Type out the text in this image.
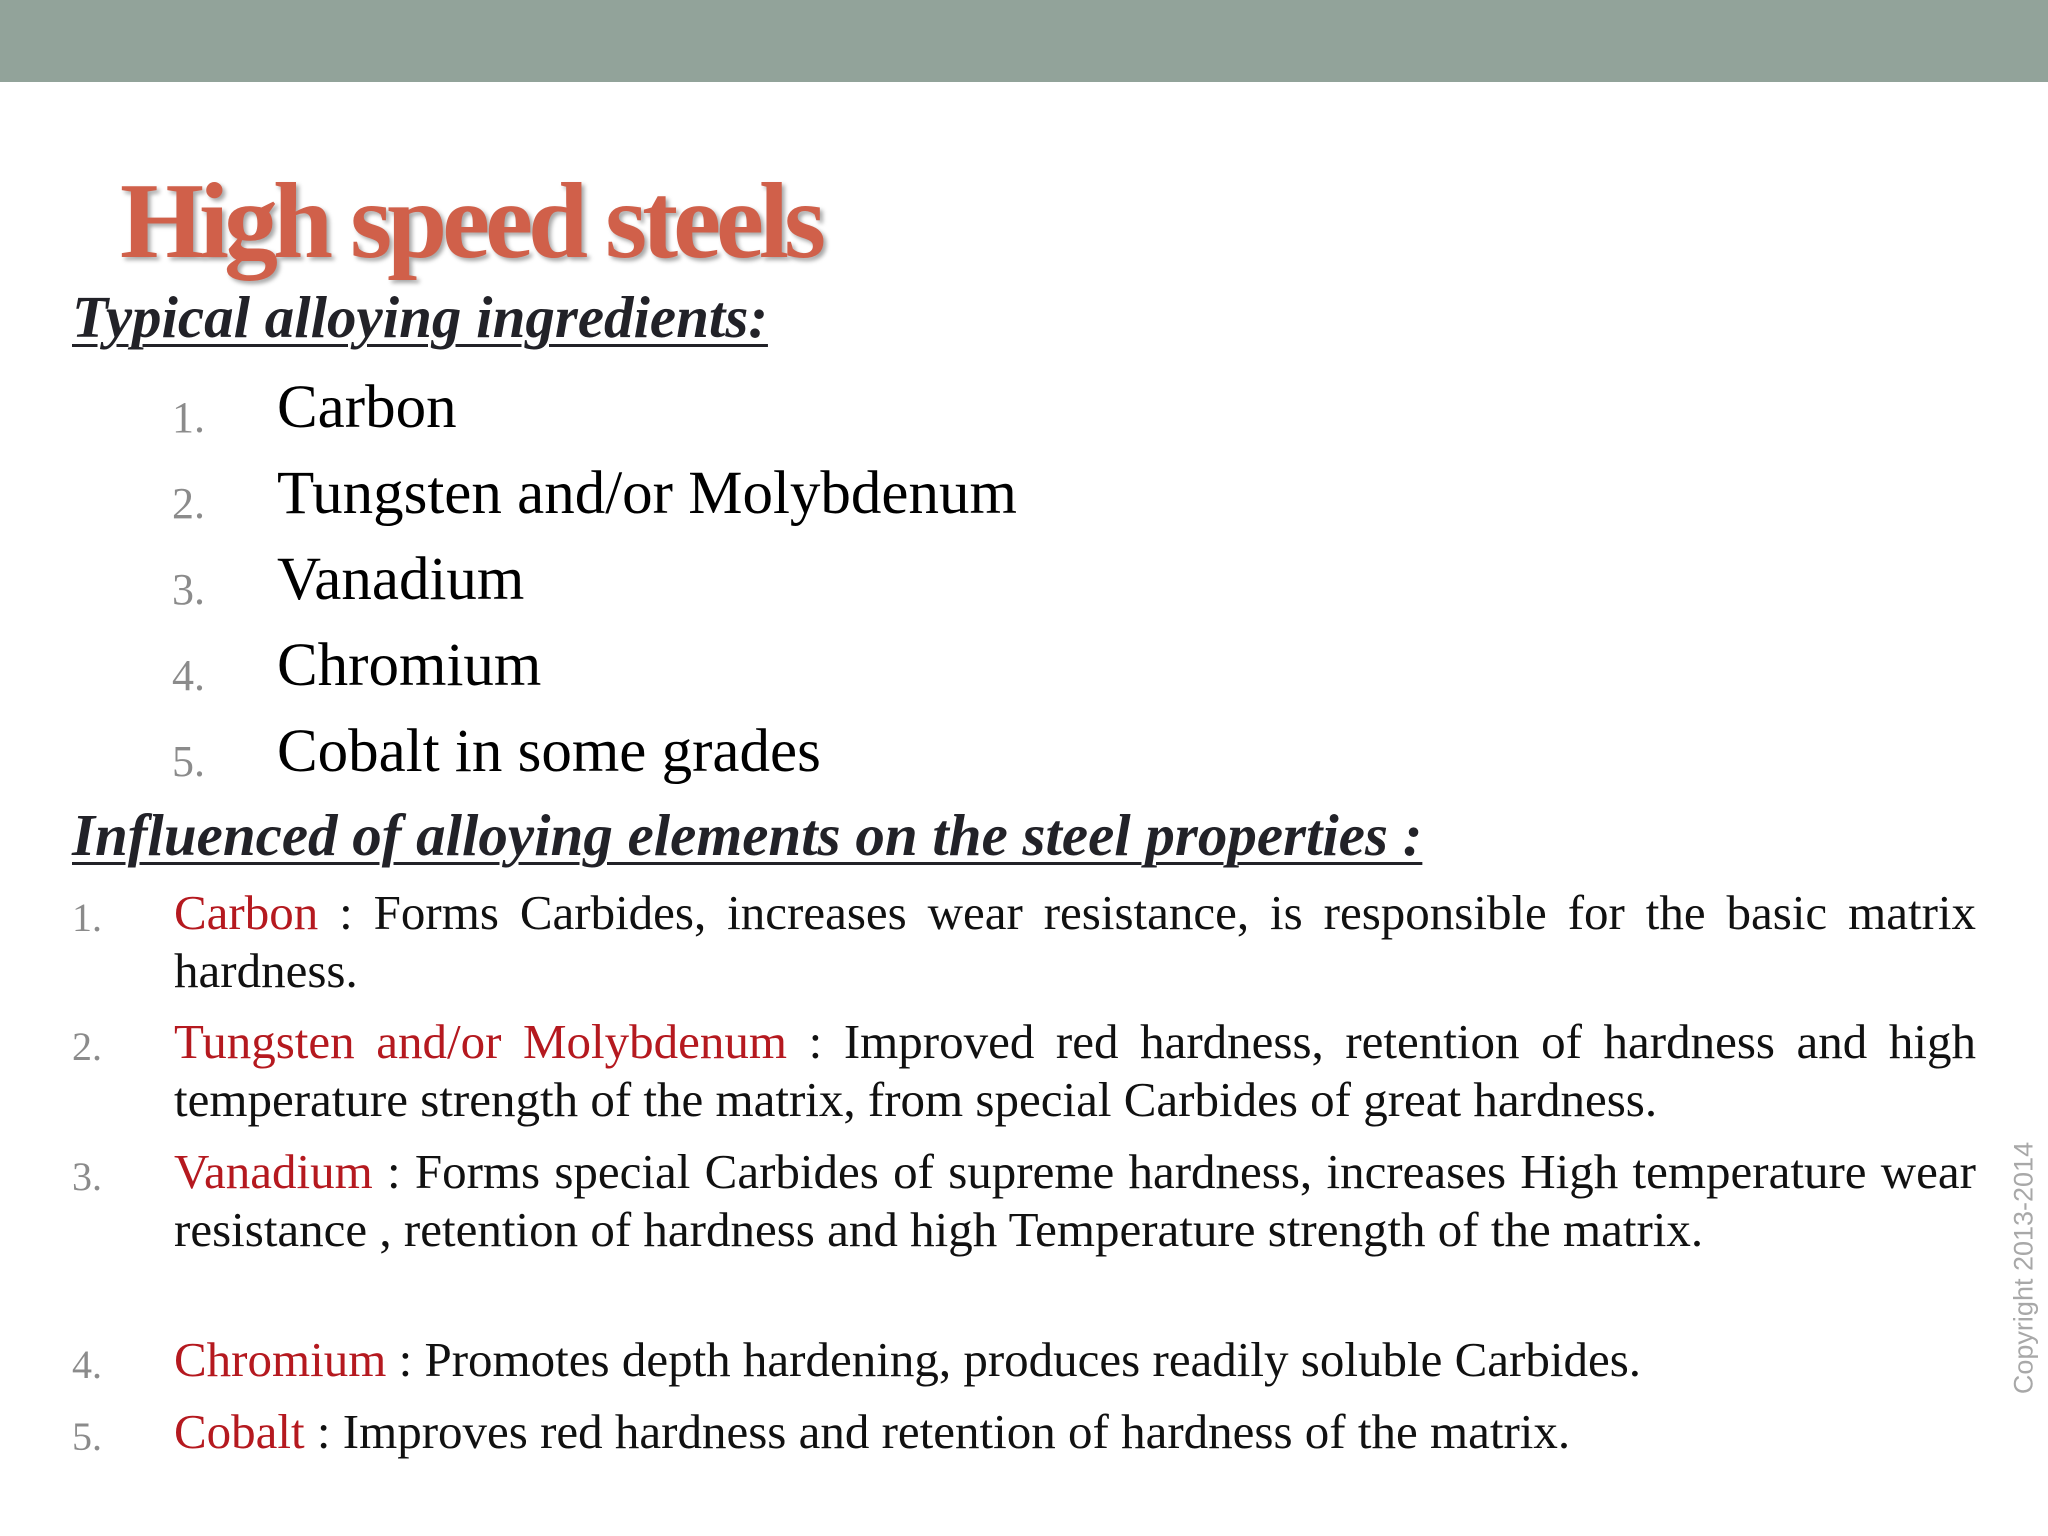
High speed steels
Typical alloying ingredients:
1. Carbon
2. Tungsten and/or Molybdenum
3. Vanadium
4. Chromium
5. Cobalt in some grades
Influenced of alloying elements on the steel properties :
1. Carbon : Forms Carbides, increases wear resistance, is responsible for the basic matrix hardness.
2. Tungsten and/or Molybdenum : Improved red hardness, retention of hardness and high temperature strength of the matrix, from special Carbides of great hardness.
3. Vanadium : Forms special Carbides of supreme hardness, increases High temperature wear resistance , retention of hardness and high Temperature strength of the matrix.
4. Chromium : Promotes depth hardening, produces readily soluble Carbides.
5. Cobalt : Improves red hardness and retention of hardness of the matrix.
Copyright 2013-2014
